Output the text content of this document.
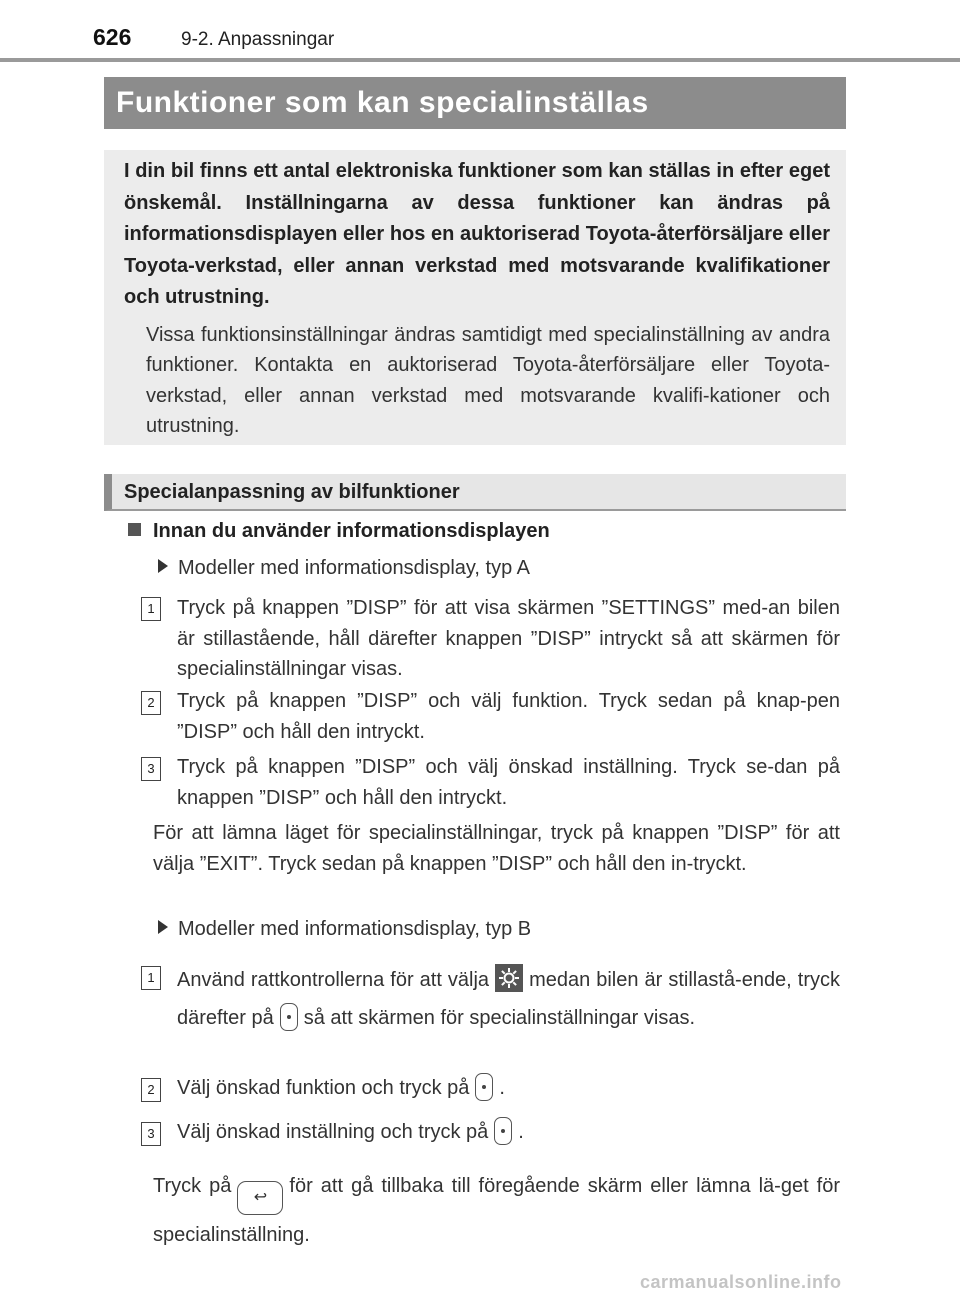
626	9-2. Anpassningar
Funktioner som kan specialinställas

I din bil finns ett antal elektroniska funktioner som kan ställas in efter eget önskemål. Inställningarna av dessa funktioner kan ändras på informationsdisplayen eller hos en auktoriserad Toyota-återförsäljare eller Toyota-verkstad, eller annan verkstad med motsvarande kvalifikationer och utrustning.

Vissa funktionsinställningar ändras samtidigt med specialinställning av andra funktioner. Kontakta en auktoriserad Toyota-återförsäljare eller Toyota-verkstad, eller annan verkstad med motsvarande kvalifi-kationer och utrustning.

Specialanpassning av bilfunktioner
Innan du använder informationsdisplayen
Modeller med informationsdisplay, typ A
1	Tryck på knappen ”DISP” för att visa skärmen ”SETTINGS” med-an bilen är stillastående, håll därefter knappen ”DISP” intryckt så att skärmen för specialinställningar visas.

2	Tryck på knappen ”DISP” och välj funktion. Tryck sedan på knap-pen ”DISP” och håll den intryckt.

3	Tryck på knappen ”DISP” och välj önskad inställning. Tryck se-dan på knappen ”DISP” och håll den intryckt.

För att lämna läget för specialinställningar, tryck på knappen ”DISP” för att välja ”EXIT”. Tryck sedan på knappen ”DISP” och håll den in-tryckt.

Modeller med informationsdisplay, typ B
1	Använd rattkontrollerna för att välja medan bilen är stillastå-ende, tryck därefter på så att skärmen för specialinställningar visas.

2	Välj önskad funktion och tryck på .

3	Välj önskad inställning och tryck på .

Tryck på↩för att gå tillbaka till föregående skärm eller lämna lä-get för specialinställning.

carmanualsonline.info
